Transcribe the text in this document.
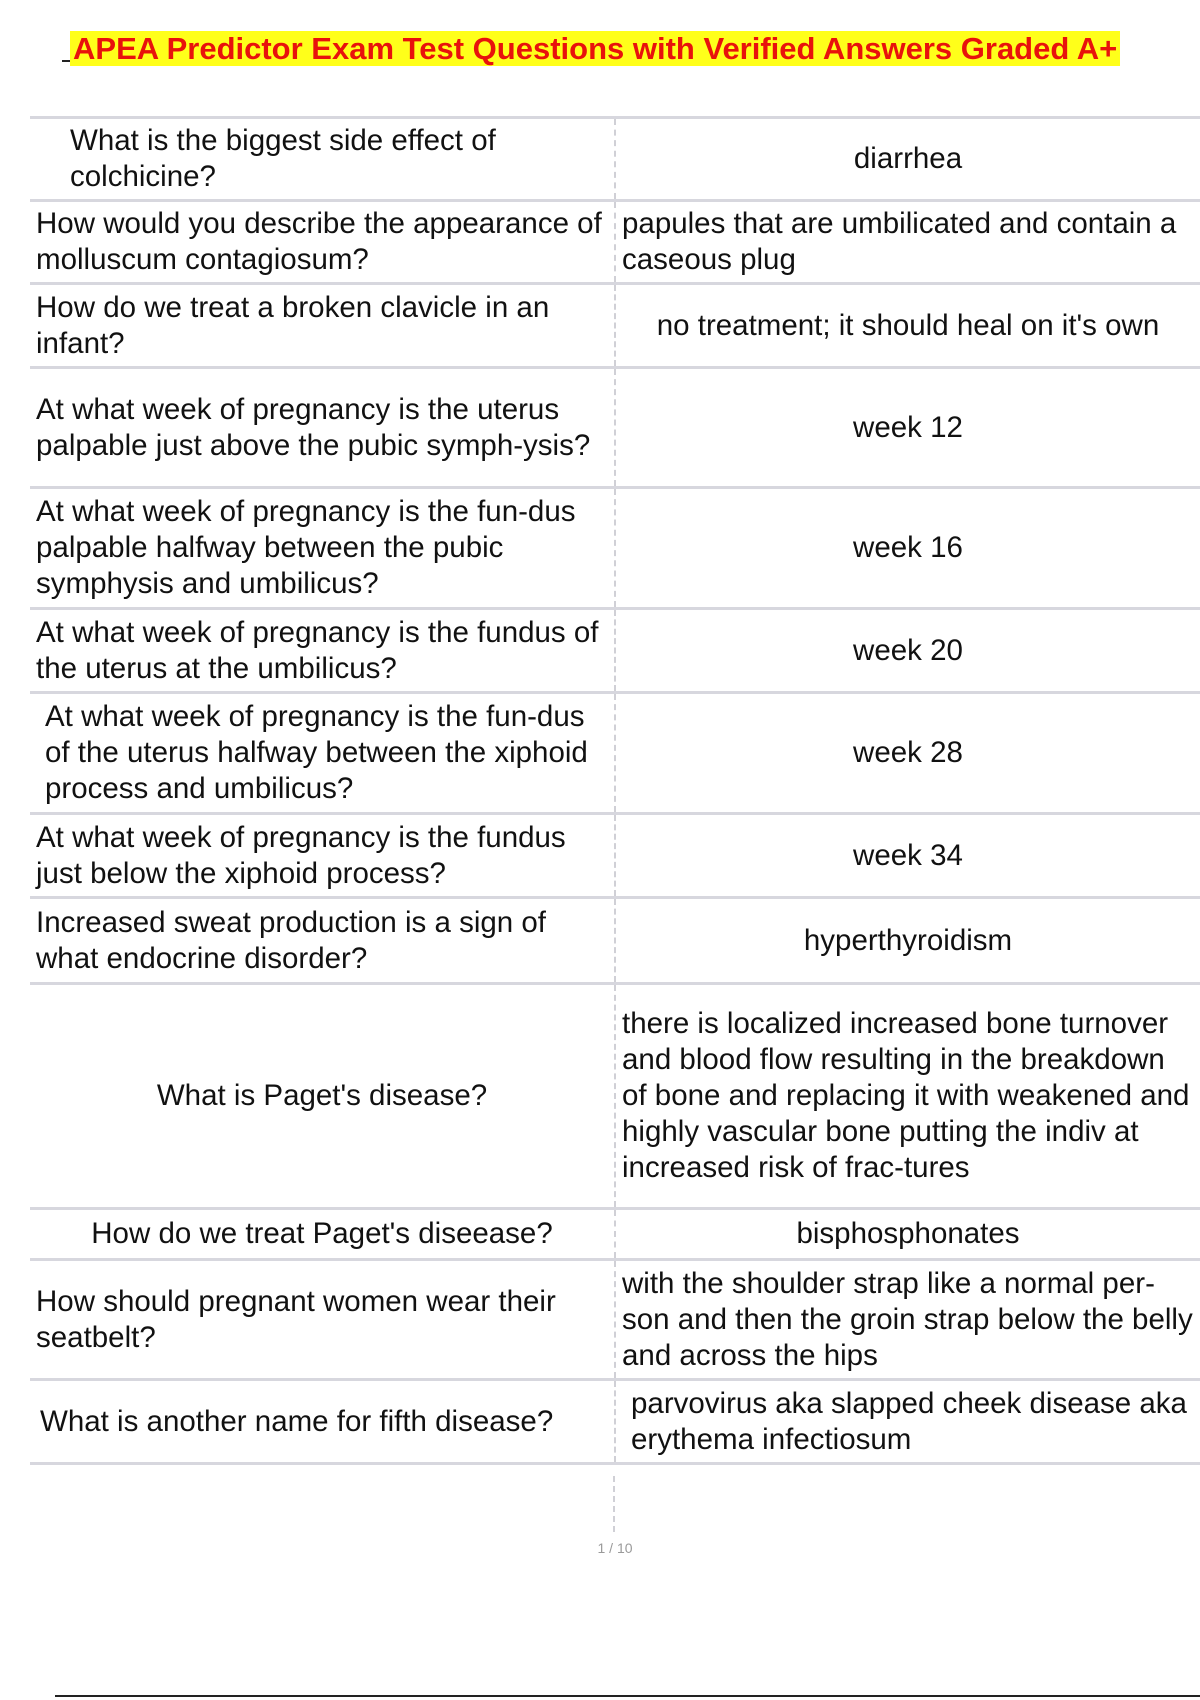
APEA Predictor Exam Test Questions with Verified Answers Graded A+
What is the biggest side effect of colchicine?	diarrhea
How would you describe the appearance of molluscum contagiosum?	papules that are umbilicated and contain a caseous plug
How do we treat a broken clavicle in an infant?	no treatment; it should heal on it's own
At what week of pregnancy is the uterus palpable just above the pubic symph-ysis?	week 12
At what week of pregnancy is the fun-dus palpable halfway between the pubic symphysis and umbilicus?	week 16
At what week of pregnancy is the fundus of the uterus at the umbilicus?	week 20
At what week of pregnancy is the fun-dus of the uterus halfway between the xiphoid process and umbilicus?	week 28
At what week of pregnancy is the fundus just below the xiphoid process?	week 34
Increased sweat production is a sign of what endocrine disorder?	hyperthyroidism
What is Paget's disease?	there is localized increased bone turnover and blood flow resulting in the breakdown of bone and replacing it with weakened and highly vascular bone putting the indiv at increased risk of frac-tures
How do we treat Paget's diseease?	bisphosphonates
How should pregnant women wear their seatbelt?	with the shoulder strap like a normal per-son and then the groin strap below the belly and across the hips
What is another name for fifth disease?	parvovirus aka slapped cheek disease aka erythema infectiosum
1 / 10
